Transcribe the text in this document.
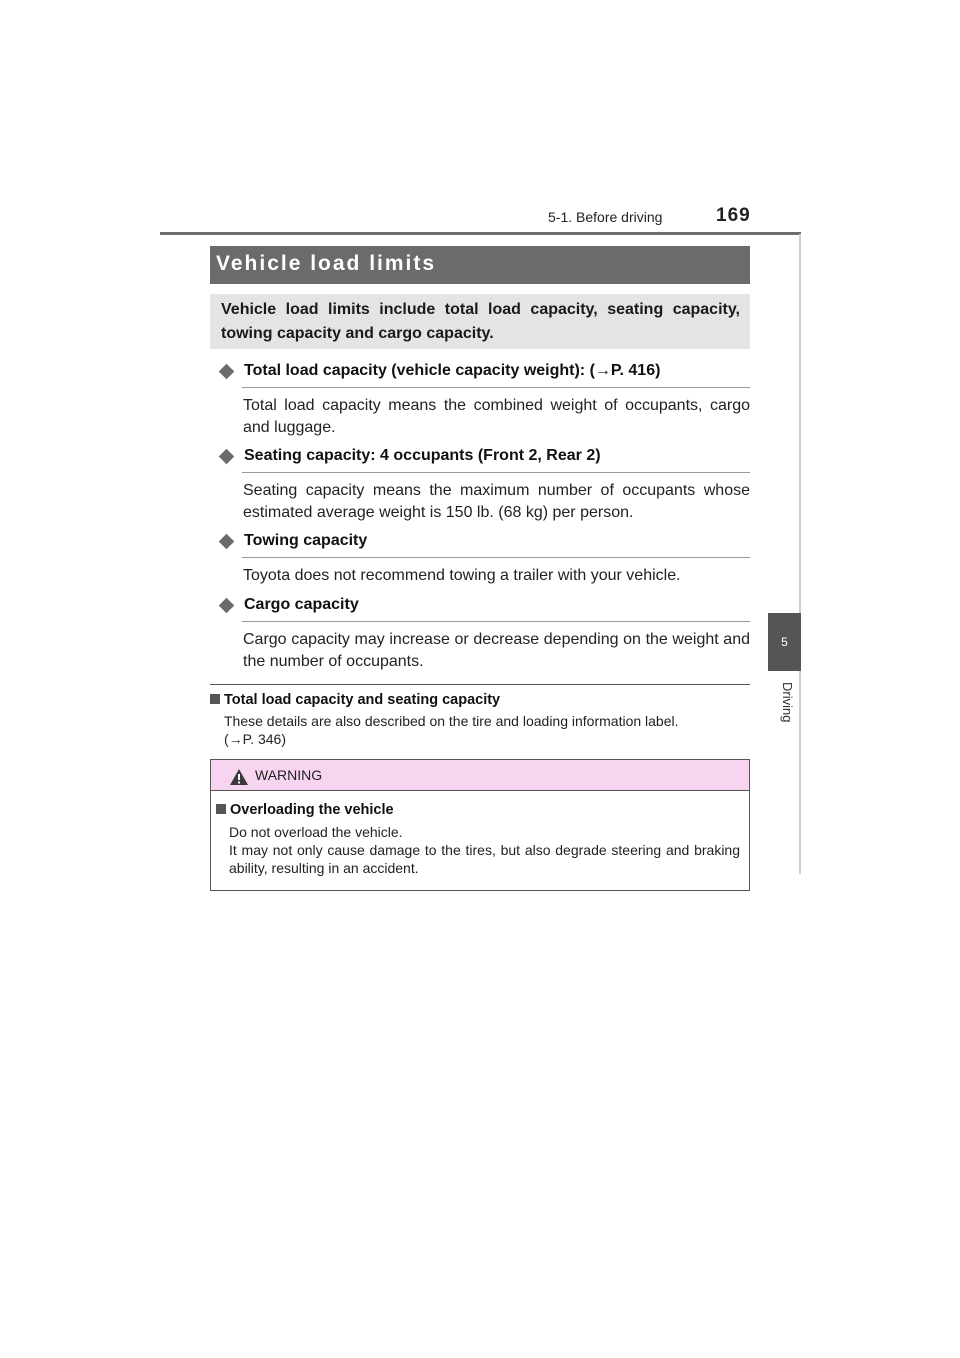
5-1. Before driving	169
5
Driving
Vehicle load limits
Vehicle load limits include total load capacity, seating capacity, towing capacity and cargo capacity.
Total load capacity (vehicle capacity weight): (→P. 416)
Total load capacity means the combined weight of occupants, cargo and luggage.
Seating capacity: 4 occupants (Front 2, Rear 2)
Seating capacity means the maximum number of occupants whose estimated average weight is 150 lb. (68 kg) per person.
Towing capacity
Toyota does not recommend towing a trailer with your vehicle.
Cargo capacity
Cargo capacity may increase or decrease depending on the weight and the number of occupants.
Total load capacity and seating capacity
These details are also described on the tire and loading information label.
(→P. 346)
WARNING
Overloading the vehicle
Do not overload the vehicle.
It may not only cause damage to the tires, but also degrade steering and braking ability, resulting in an accident.
